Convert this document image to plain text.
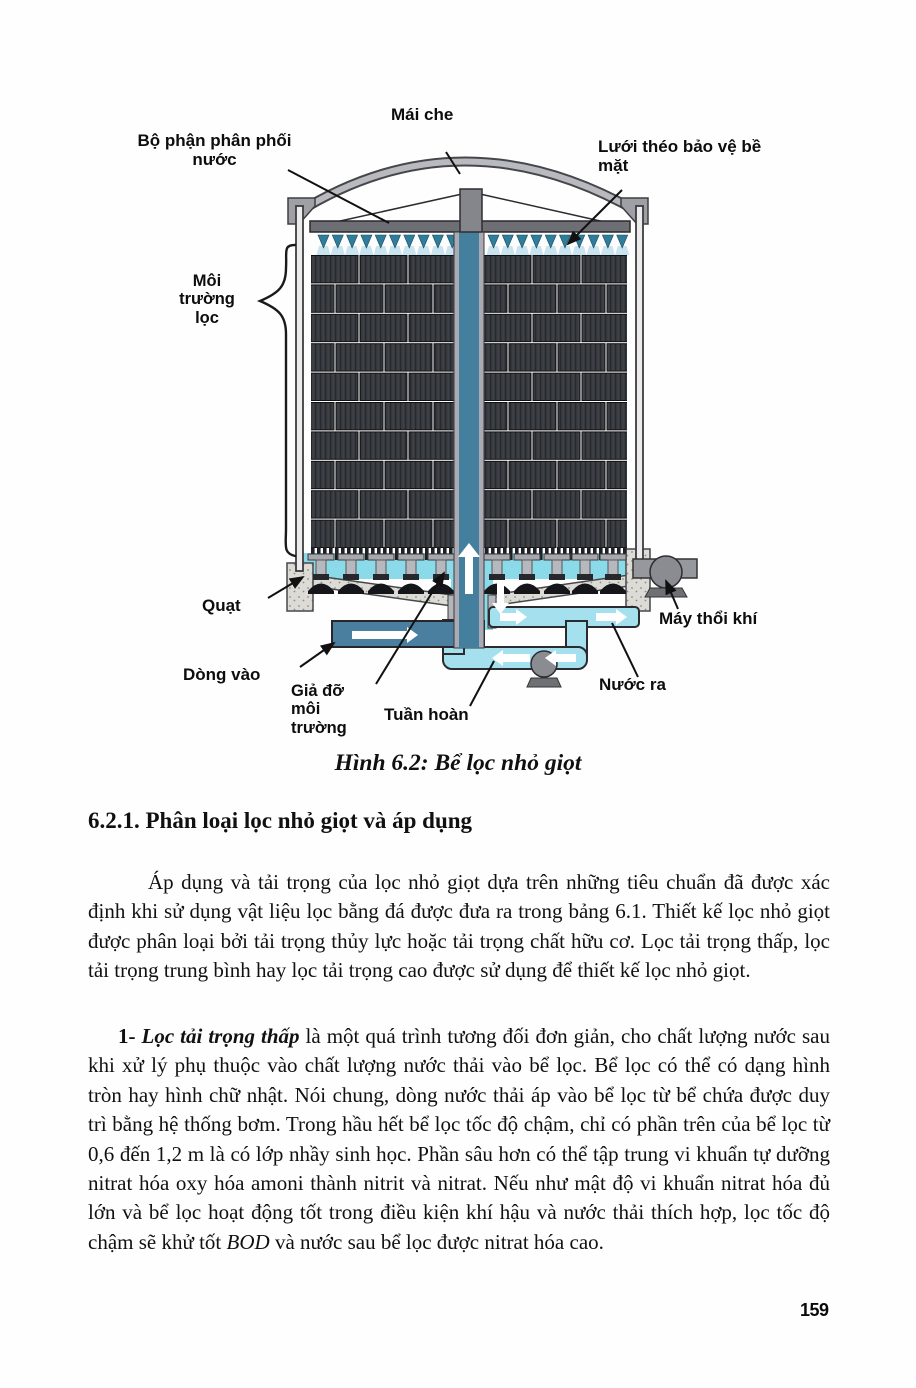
Mái che
Bộ phận phân phối nước
Lưới théo bảo vệ bề mặt
Môi trường lọc
Quạt
Dòng vào
Giả đỡ môi trường
Tuần hoàn
Nước ra
Máy thổi khí
Hình 6.2: Bể lọc nhỏ giọt
6.2.1. Phân loại lọc nhỏ giọt và áp dụng

Áp dụng và tải trọng của lọc nhỏ giọt dựa trên những tiêu chuẩn đã được xác định khi sử dụng vật liệu lọc bằng đá được đưa ra trong bảng 6.1. Thiết kế lọc nhỏ giọt được phân loại bởi tải trọng thủy lực hoặc tải trọng chất hữu cơ. Lọc tải trọng thấp, lọc tải trọng trung bình hay lọc tải trọng cao được sử dụng để thiết kế lọc nhỏ giọt.

1- Lọc tải trọng thấp là một quá trình tương đối đơn giản, cho chất lượng nước sau khi xử lý phụ thuộc vào chất lượng nước thải vào bể lọc. Bể lọc có thể có dạng hình tròn hay hình chữ nhật. Nói chung, dòng nước thải áp vào bể lọc từ bể chứa được duy trì bằng hệ thống bơm. Trong hầu hết bể lọc tốc độ chậm, chỉ có phần trên của bể lọc từ 0,6 đến 1,2 m là có lớp nhầy sinh học. Phần sâu hơn có thể tập trung vi khuẩn tự dưỡng nitrat hóa oxy hóa amoni thành nitrit và nitrat. Nếu như mật độ vi khuẩn nitrat hóa đủ lớn và bể lọc hoạt động tốt trong điều kiện khí hậu và nước thải thích hợp, lọc tốc độ chậm sẽ khử tốt BOD và nước sau bể lọc được nitrat hóa cao.

159
